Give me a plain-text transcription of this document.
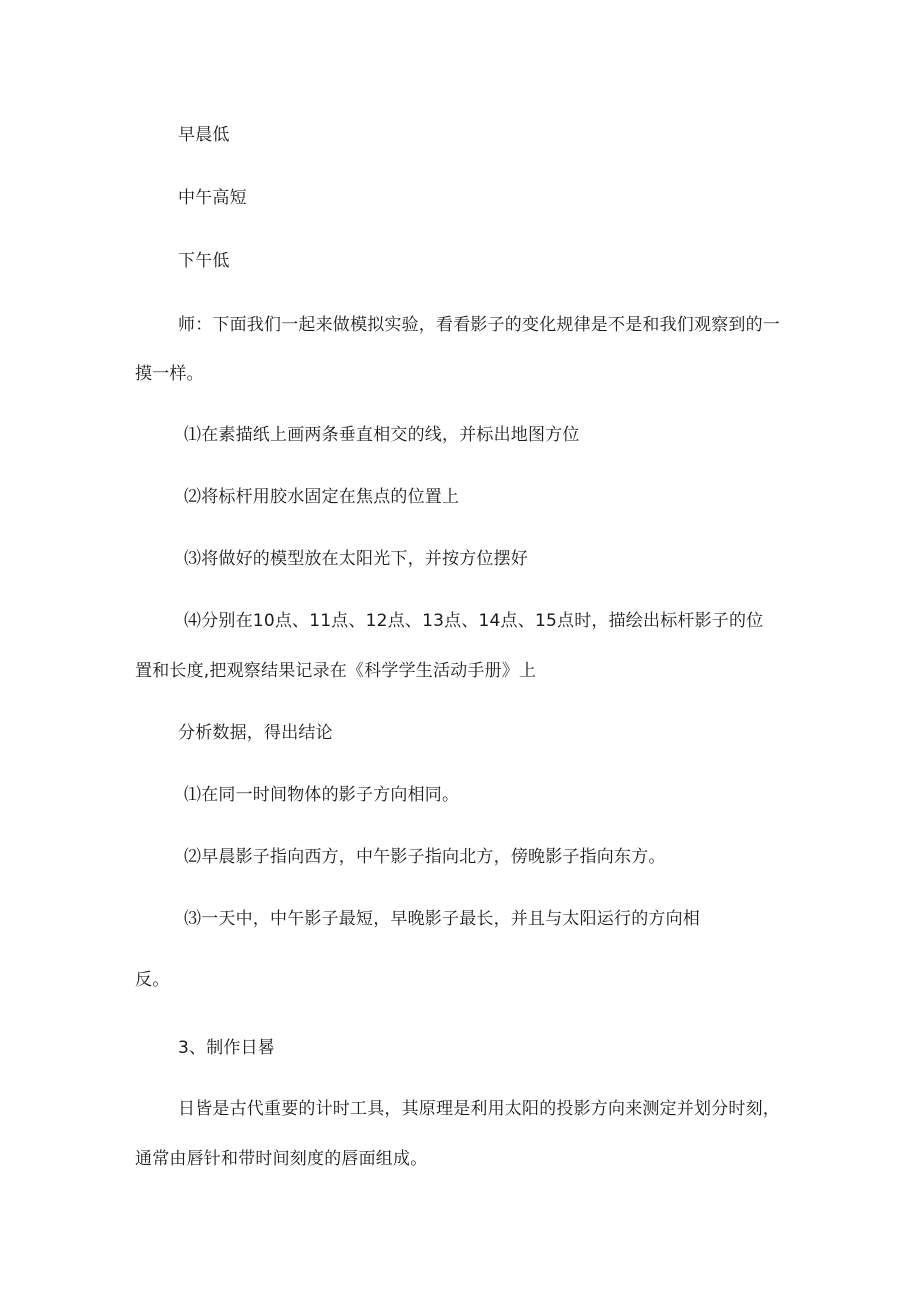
早晨低
中午高短
下午低
师：下面我们一起来做模拟实验，看看影子的变化规律是不是和我们观察到的一
摸一样。
⑴在素描纸上画两条垂直相交的线，并标出地图方位
⑵将标杆用胶水固定在焦点的位置上
⑶将做好的模型放在太阳光下，并按方位摆好
⑷分别在10点、11点、12点、13点、14点、15点时，描绘出标杆影子的位
置和长度,把观察结果记录在《科学学生活动手册》上
分析数据，得出结论
⑴在同一时间物体的影子方向相同。
⑵早晨影子指向西方，中午影子指向北方，傍晚影子指向东方。
⑶一天中，中午影子最短，早晚影子最长，并且与太阳运行的方向相
反。
3、制作日晷
日皆是古代重要的计时工具，其原理是利用太阳的投影方向来测定并划分时刻，
通常由唇针和带时间刻度的唇面组成。
